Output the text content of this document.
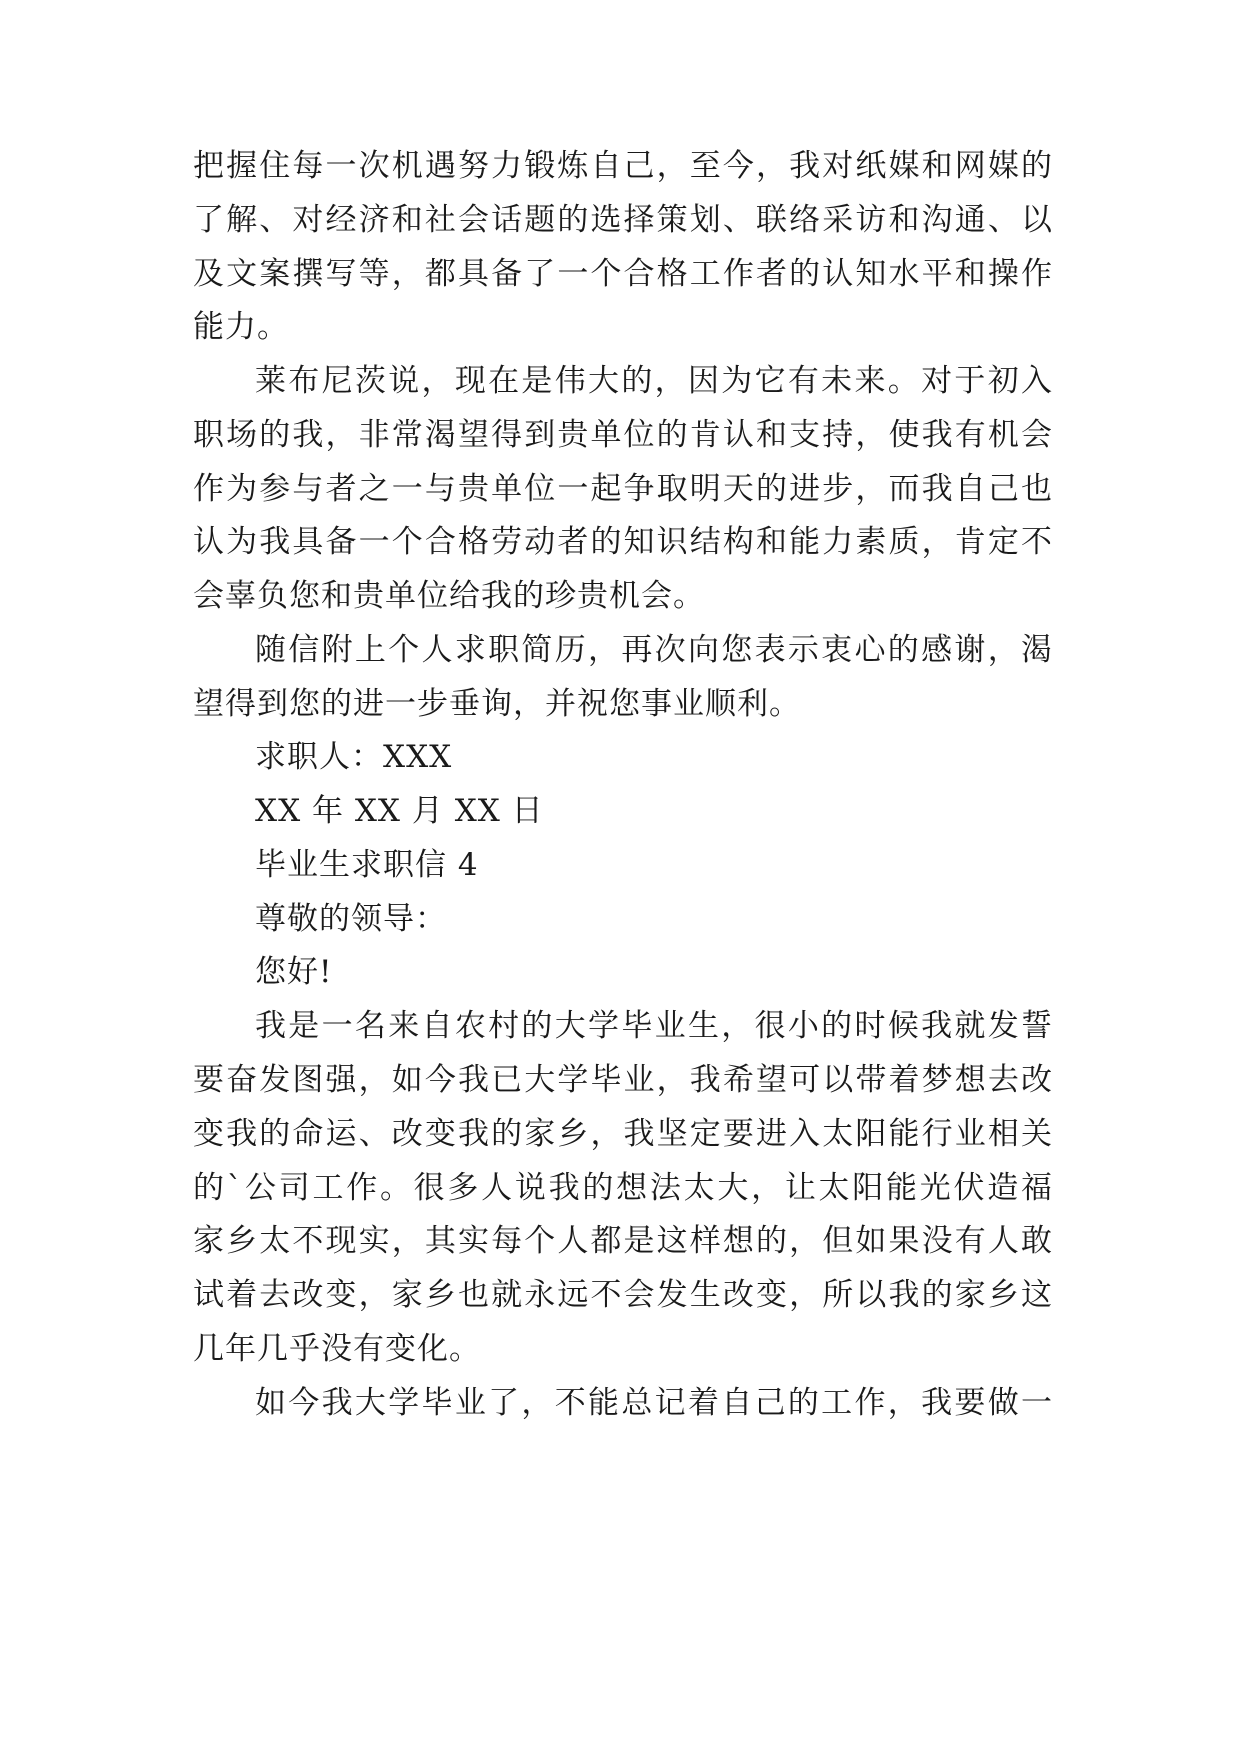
把握住每一次机遇努力锻炼自己，至今，我对纸媒和网媒的
了解、对经济和社会话题的选择策划、联络采访和沟通、以
及文案撰写等，都具备了一个合格工作者的认知水平和操作
能力。
莱布尼茨说，现在是伟大的，因为它有未来。对于初入
职场的我，非常渴望得到贵单位的肯认和支持，使我有机会
作为参与者之一与贵单位一起争取明天的进步，而我自己也
认为我具备一个合格劳动者的知识结构和能力素质，肯定不
会辜负您和贵单位给我的珍贵机会。
随信附上个人求职简历，再次向您表示衷心的感谢，渴
望得到您的进一步垂询，并祝您事业顺利。
求职人：XXX
XX 年 XX 月 XX 日
毕业生求职信 4
尊敬的领导：
您好!
我是一名来自农村的大学毕业生，很小的时候我就发誓
要奋发图强，如今我已大学毕业，我希望可以带着梦想去改
变我的命运、改变我的家乡，我坚定要进入太阳能行业相关
的`公司工作。很多人说我的想法太大，让太阳能光伏造福
家乡太不现实，其实每个人都是这样想的，但如果没有人敢
试着去改变，家乡也就永远不会发生改变，所以我的家乡这
几年几乎没有变化。
如今我大学毕业了，不能总记着自己的工作，我要做一
